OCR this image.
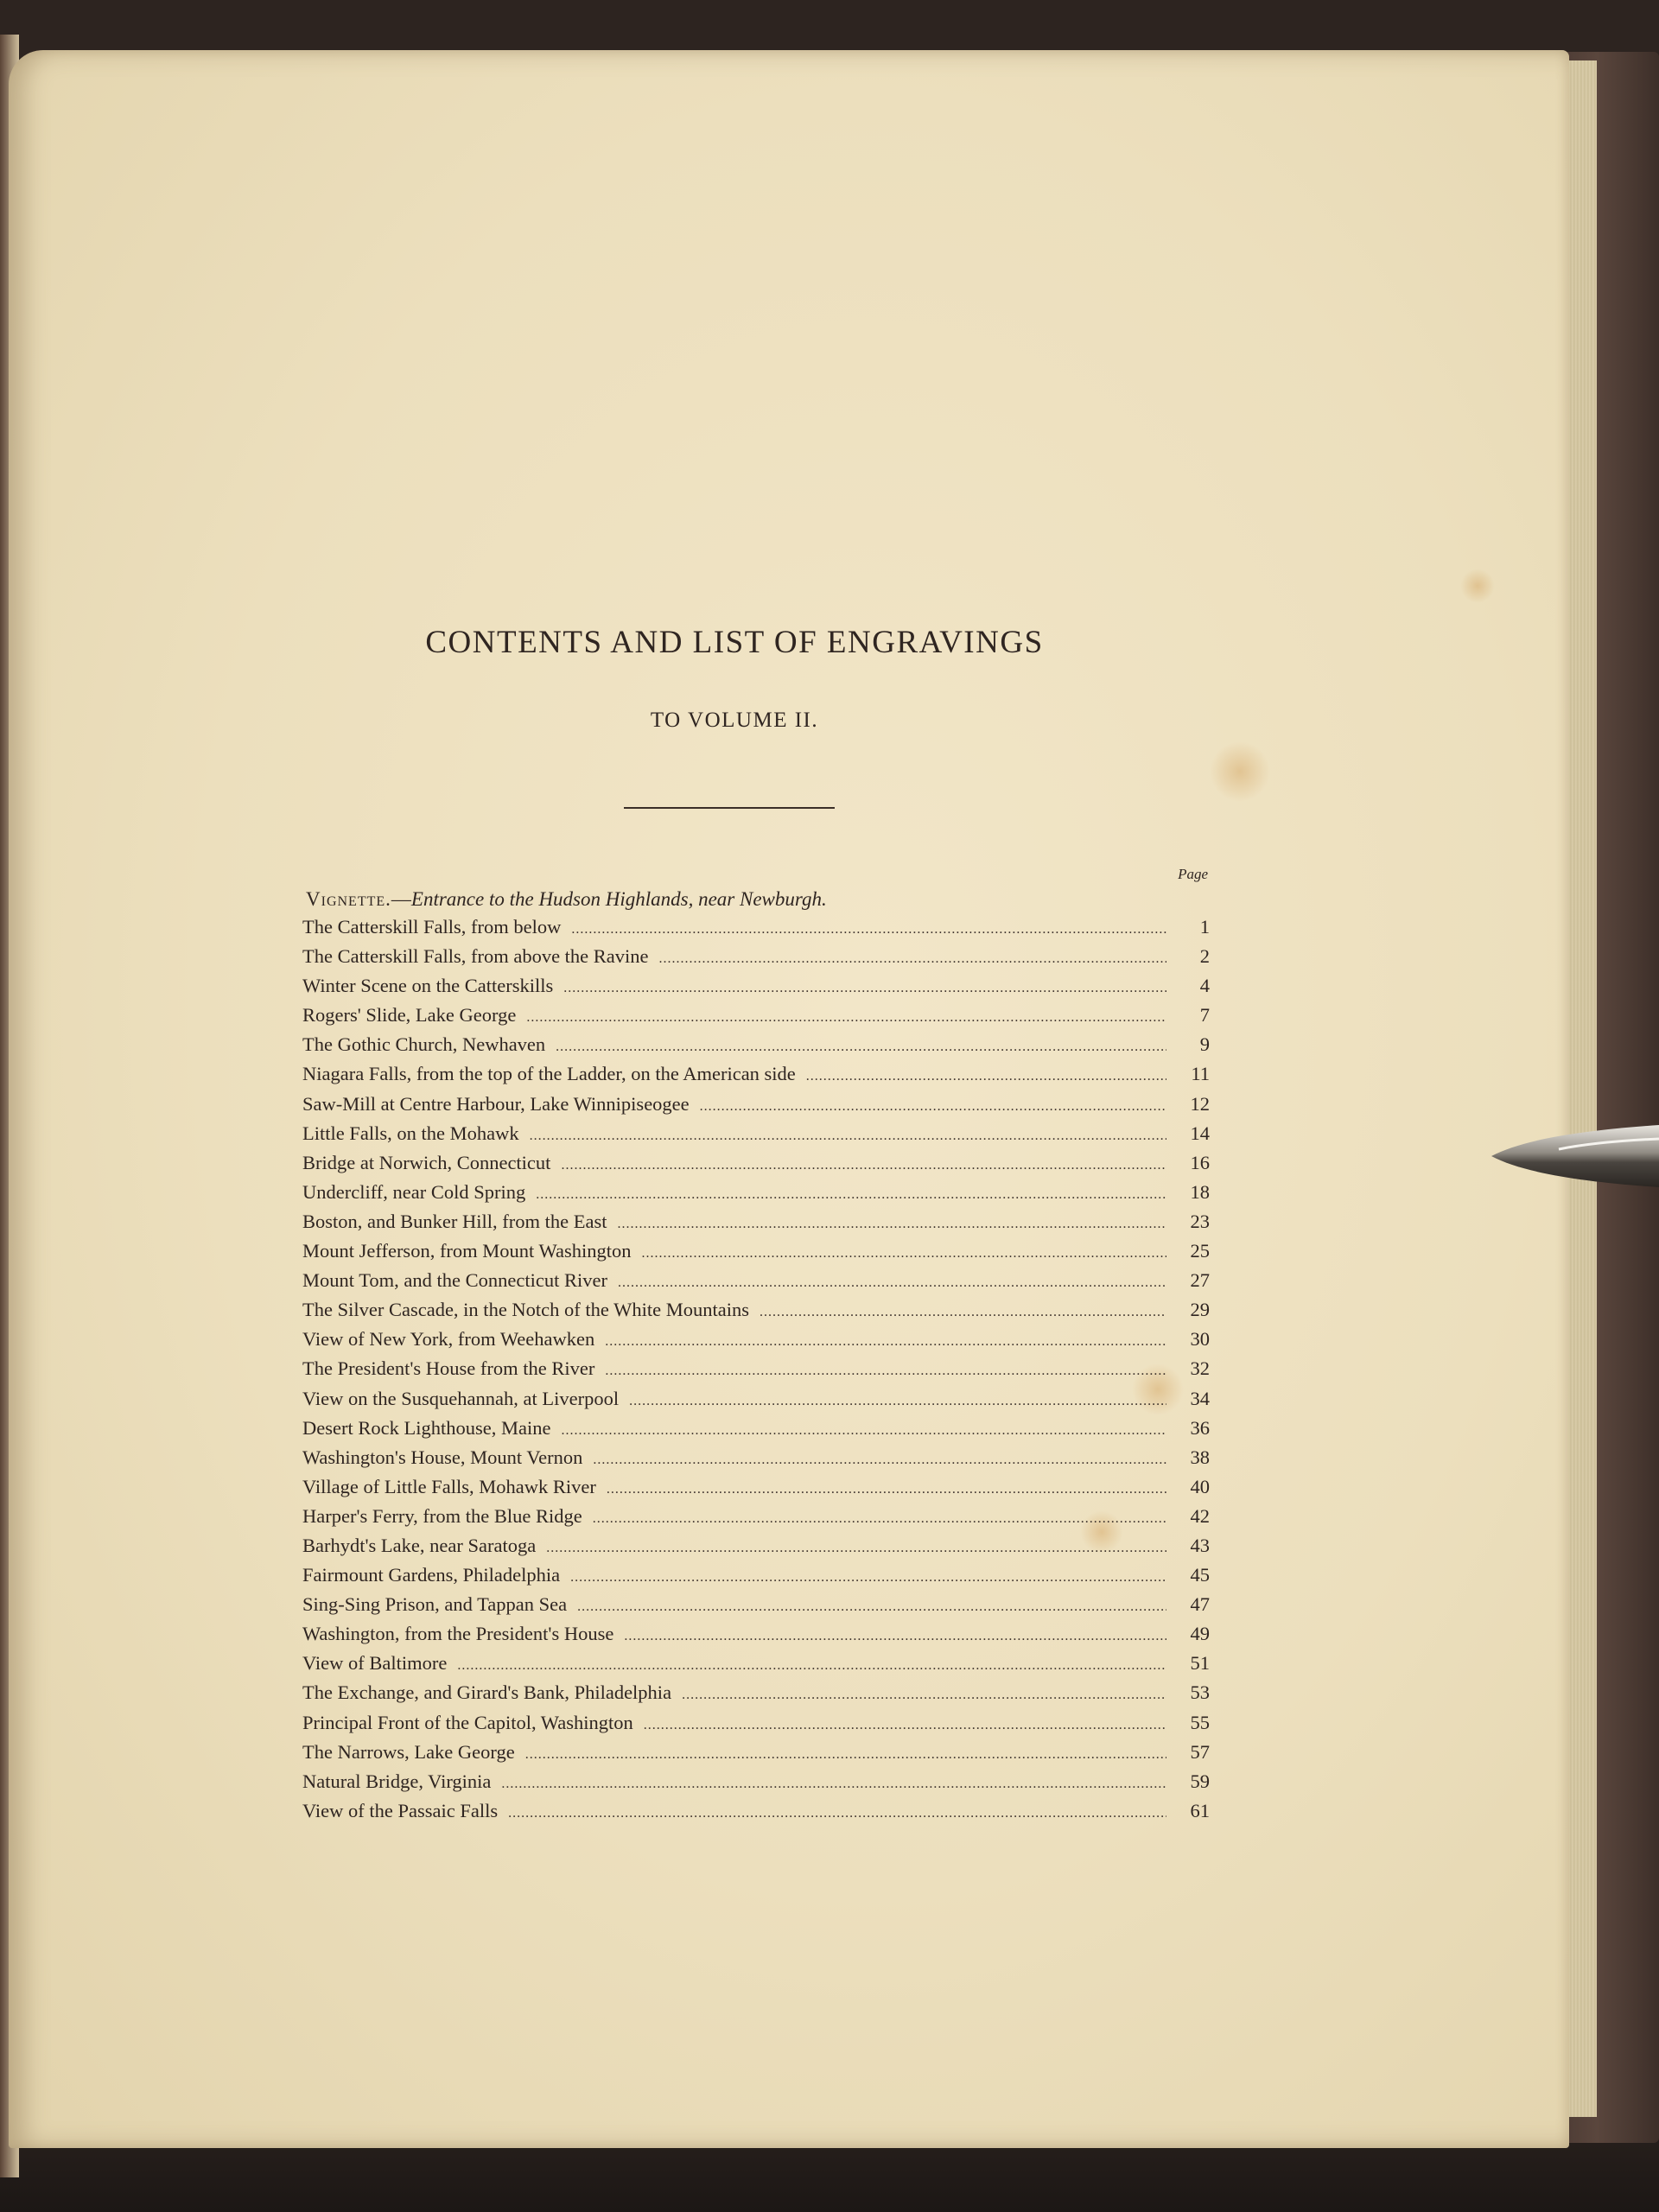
CONTENTS AND LIST OF ENGRAVINGS
TO VOLUME II.
Page
Vignette.—Entrance to the Hudson Highlands, near Newburgh.
The Catterskill Falls, from below .....	1
The Catterskill Falls, from above the Ravine .....	2
Winter Scene on the Catterskills .....	4
Rogers' Slide, Lake George .....	7
The Gothic Church, Newhaven .....	9
Niagara Falls, from the top of the Ladder, on the American side .....	11
Saw-Mill at Centre Harbour, Lake Winnipiseogee .....	12
Little Falls, on the Mohawk .....	14
Bridge at Norwich, Connecticut .....	16
Undercliff, near Cold Spring .....	18
Boston, and Bunker Hill, from the East .....	23
Mount Jefferson, from Mount Washington .....	25
Mount Tom, and the Connecticut River .....	27
The Silver Cascade, in the Notch of the White Mountains .....	29
View of New York, from Weehawken .....	30
The President's House from the River .....	32
View on the Susquehannah, at Liverpool .....	34
Desert Rock Lighthouse, Maine .....	36
Washington's House, Mount Vernon .....	38
Village of Little Falls, Mohawk River .....	40
Harper's Ferry, from the Blue Ridge .....	42
Barhydt's Lake, near Saratoga .....	43
Fairmount Gardens, Philadelphia .....	45
Sing-Sing Prison, and Tappan Sea .....	47
Washington, from the President's House .....	49
View of Baltimore .....	51
The Exchange, and Girard's Bank, Philadelphia .....	53
Principal Front of the Capitol, Washington .....	55
The Narrows, Lake George .....	57
Natural Bridge, Virginia .....	59
View of the Passaic Falls .....	61
